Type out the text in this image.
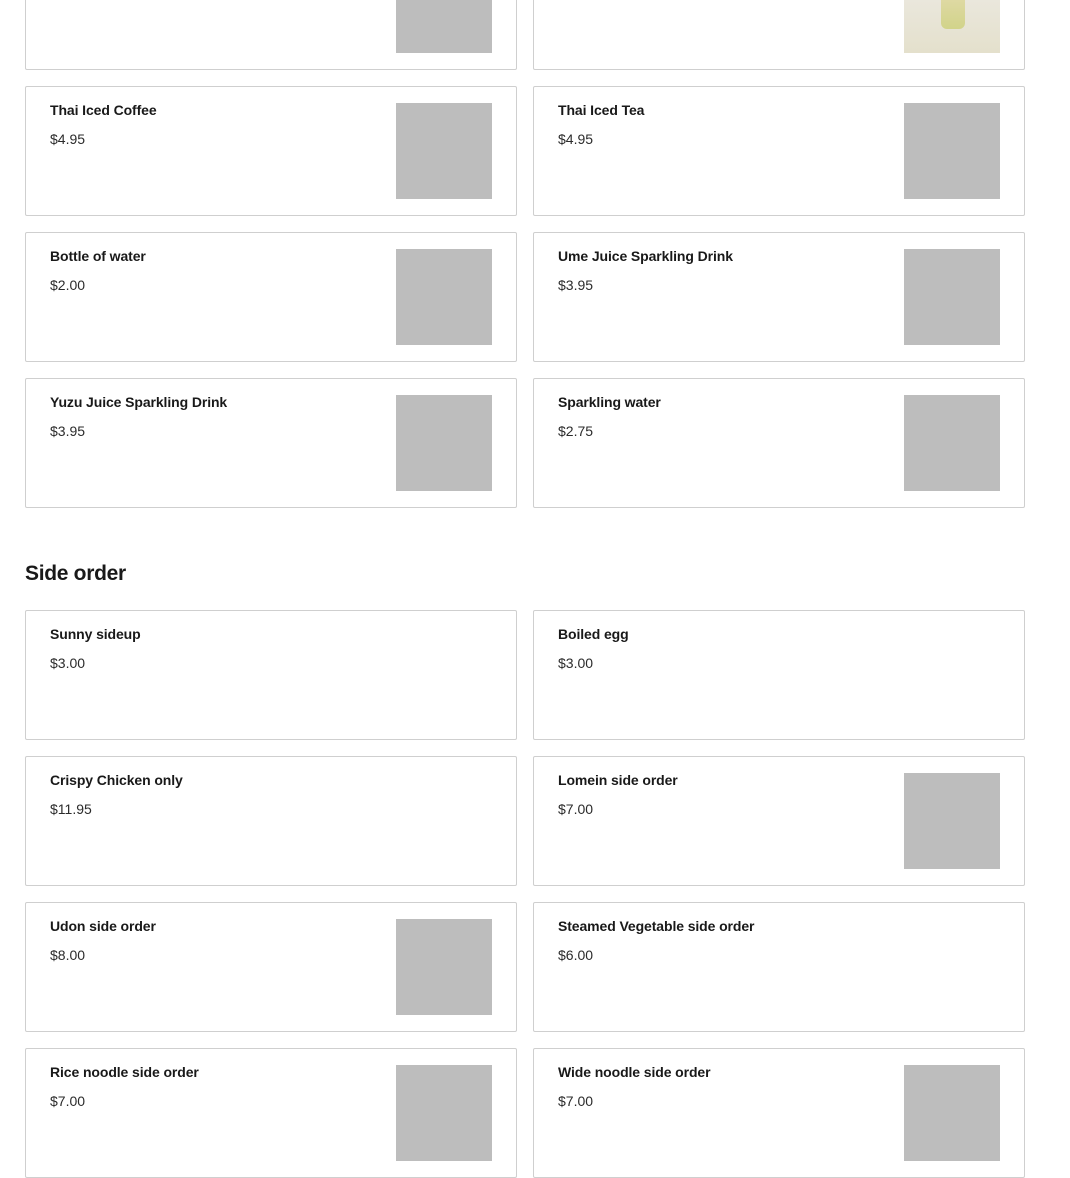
Thai Iced Coffee
$4.95
Thai Iced Tea
$4.95
Bottle of water
$2.00
Ume Juice Sparkling Drink
$3.95
Yuzu Juice Sparkling Drink
$3.95
Sparkling water
$2.75
Side order
Sunny sideup
$3.00
Boiled egg
$3.00
Crispy Chicken only
$11.95
Lomein side order
$7.00
Udon side order
$8.00
Steamed Vegetable side order
$6.00
Rice noodle side order
$7.00
Wide noodle side order
$7.00
